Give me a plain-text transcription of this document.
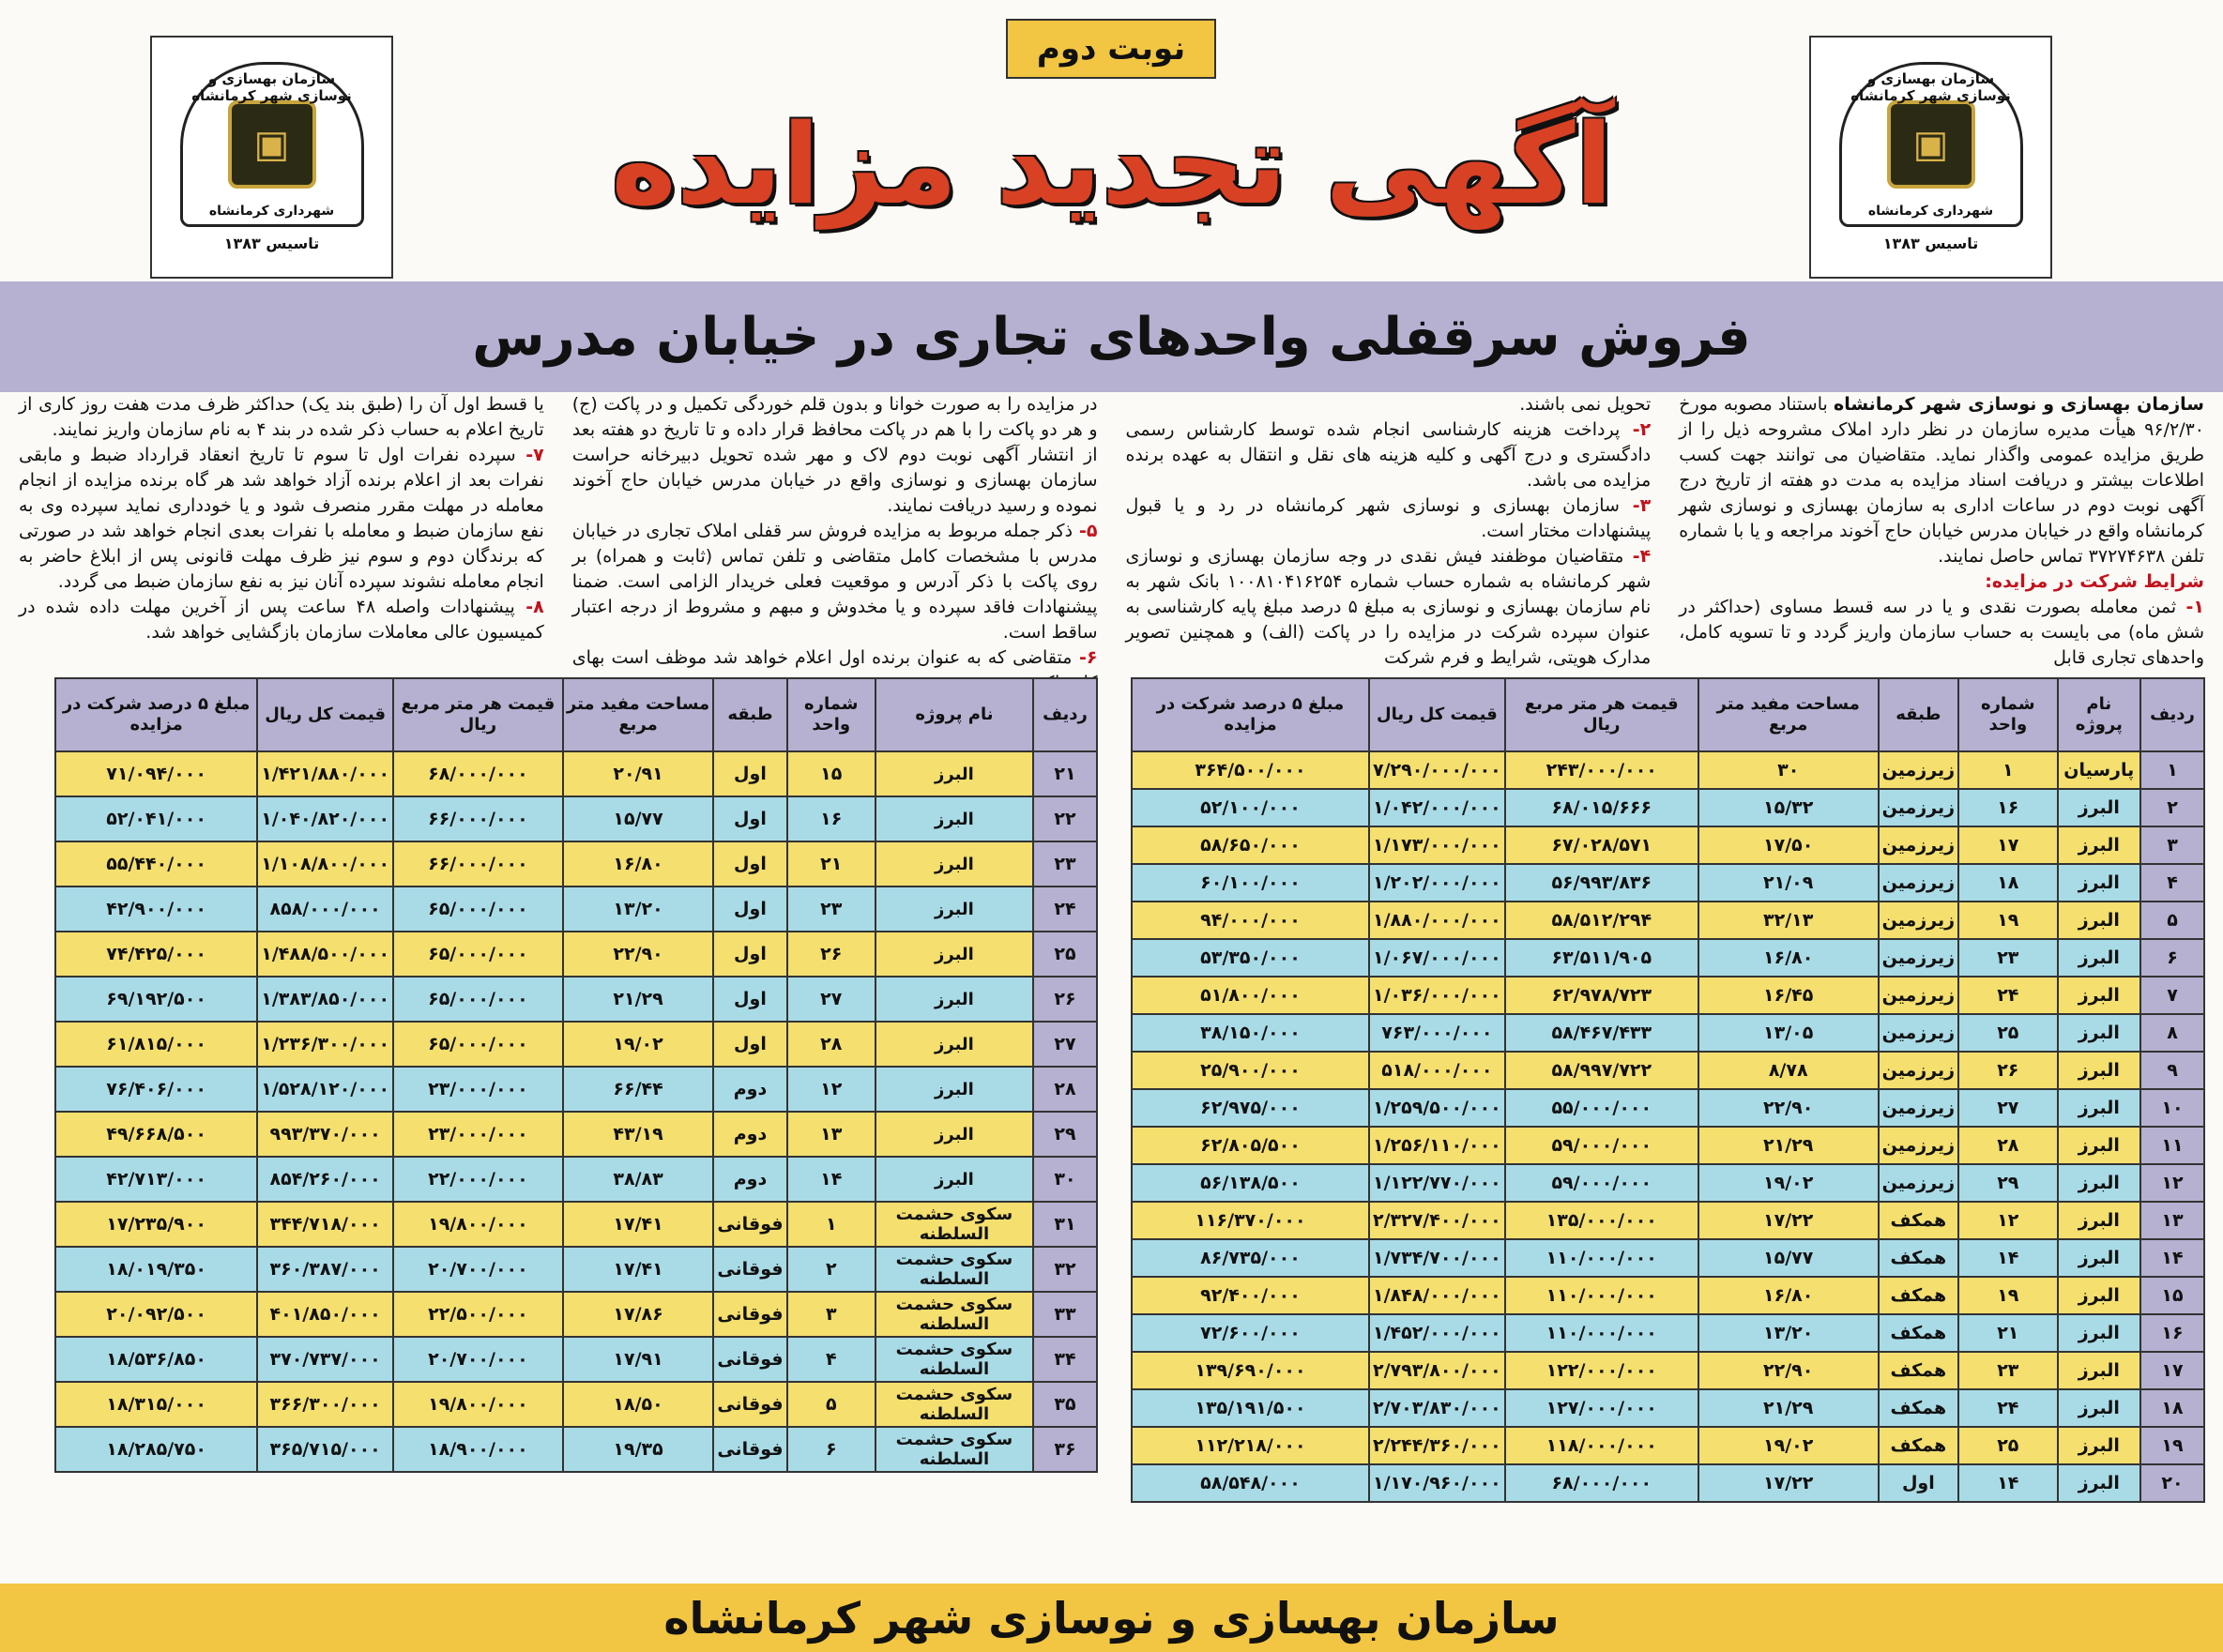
سازمان بهسازی و نوسازی شهر کرمانشاه
▣
شهرداری کرمانشاه
تاسیس ۱۳۸۳
نوبت دوم
آگهی تجدید مزایده
سازمان بهسازی و نوسازی شهر کرمانشاه
▣
شهرداری کرمانشاه
تاسیس ۱۳۸۳
فروش سرقفلی واحدهای تجاری در خیابان مدرس
سازمان بهسازی و نوسازی شهر کرمانشاه باستناد مصوبه مورخ ۹۶/۲/۳۰ هیأت مدیره سازمان در نظر دارد املاک مشروحه ذیل را از طریق مزایده عمومی واگذار نماید. متقاضیان می توانند جهت کسب اطلاعات بیشتر و دریافت اسناد مزایده به مدت دو هفته از تاریخ درج آگهی نوبت دوم در ساعات اداری به سازمان بهسازی و نوسازی شهر کرمانشاه واقع در خیابان مدرس خیابان حاج آخوند مراجعه و یا با شماره تلفن ۳۷۲۷۴۶۳۸ تماس حاصل نمایند.
شرایط شرکت در مزایده:
۱- ثمن معامله بصورت نقدی و یا در سه قسط مساوی (حداکثر در شش ماه) می بایست به حساب سازمان واریز گردد و تا تسویه کامل، واحدهای تجاری قابل
تحویل نمی باشند.
۲- پرداخت هزینه کارشناسی انجام شده توسط کارشناس رسمی دادگستری و درج آگهی و کلیه هزینه های نقل و انتقال به عهده برنده مزایده می باشد.
۳- سازمان بهسازی و نوسازی شهر کرمانشاه در رد و یا قبول پیشنهادات مختار است.
۴- متقاضیان موظفند فیش نقدی در وجه سازمان بهسازی و نوسازی شهر کرمانشاه به شماره حساب شماره ۱۰۰۸۱۰۴۱۶۲۵۴ بانک شهر به نام سازمان بهسازی و نوسازی به مبلغ ۵ درصد مبلغ پایه کارشناسی به عنوان سپرده شرکت در مزایده را در پاکت (الف) و همچنین تصویر مدارک هویتی، شرایط و فرم شرکت
در مزایده را به صورت خوانا و بدون قلم خوردگی تکمیل و در پاکت (ج) و هر دو پاکت را با هم در پاکت محافظ قرار داده و تا تاریخ دو هفته بعد از انتشار آگهی نوبت دوم لاک و مهر شده تحویل دبیرخانه حراست سازمان بهسازی و نوسازی واقع در خیابان مدرس خیابان حاج آخوند نموده و رسید دریافت نمایند.
۵- ذکر جمله مربوط به مزایده فروش سر قفلی املاک تجاری در خیابان مدرس با مشخصات کامل متقاضی و تلفن تماس (ثابت و همراه) بر روی پاکت با ذکر آدرس و موقعیت فعلی خریدار الزامی است. ضمنا پیشنهادات فاقد سپرده و یا مخدوش و مبهم و مشروط از درجه اعتبار ساقط است.
۶- متقاضی که به عنوان برنده اول اعلام خواهد شد موظف است بهای
یا قسط اول آن را (طبق بند یک) حداکثر ظرف مدت هفت روز کاری از تاریخ اعلام به حساب ذکر شده در بند ۴ به نام سازمان واریز نمایند.
۷- سپرده نفرات اول تا سوم تا تاریخ انعقاد قرارداد ضبط و مابقی نفرات بعد از اعلام برنده آزاد خواهد شد هر گاه برنده مزایده از انجام معامله در مهلت مقرر منصرف شود و یا خودداری نماید سپرده وی به نفع سازمان ضبط و معامله با نفرات بعدی انجام خواهد شد در صورتی که برندگان دوم و سوم نیز ظرف مهلت قانونی پس از ابلاغ حاضر به انجام معامله نشوند سپرده آنان نیز به نفع سازمان ضبط می گردد.
۸- پیشنهادات واصله ۴۸ ساعت پس از آخرین مهلت داده شده در کمیسیون عالی معاملات سازمان بازگشایی خواهد شد.
ردیف	نام پروژه	شماره واحد	طبقه	مساحت مفید متر مربع	قیمت هر متر مربع ریال	قیمت کل ریال	مبلغ ۵ درصد شرکت در مزایده
۱	پارسیان	۱	زیرزمین	۳۰	۲۴۳/۰۰۰/۰۰۰	۷/۲۹۰/۰۰۰/۰۰۰	۳۶۴/۵۰۰/۰۰۰
۲	البرز	۱۶	زیرزمین	۱۵/۳۲	۶۸/۰۱۵/۶۶۶	۱/۰۴۲/۰۰۰/۰۰۰	۵۲/۱۰۰/۰۰۰
۳	البرز	۱۷	زیرزمین	۱۷/۵۰	۶۷/۰۲۸/۵۷۱	۱/۱۷۳/۰۰۰/۰۰۰	۵۸/۶۵۰/۰۰۰
۴	البرز	۱۸	زیرزمین	۲۱/۰۹	۵۶/۹۹۳/۸۳۶	۱/۲۰۲/۰۰۰/۰۰۰	۶۰/۱۰۰/۰۰۰
۵	البرز	۱۹	زیرزمین	۳۲/۱۳	۵۸/۵۱۲/۲۹۴	۱/۸۸۰/۰۰۰/۰۰۰	۹۴/۰۰۰/۰۰۰
۶	البرز	۲۳	زیرزمین	۱۶/۸۰	۶۳/۵۱۱/۹۰۵	۱/۰۶۷/۰۰۰/۰۰۰	۵۳/۳۵۰/۰۰۰
۷	البرز	۲۴	زیرزمین	۱۶/۴۵	۶۲/۹۷۸/۷۲۳	۱/۰۳۶/۰۰۰/۰۰۰	۵۱/۸۰۰/۰۰۰
۸	البرز	۲۵	زیرزمین	۱۳/۰۵	۵۸/۴۶۷/۴۳۳	۷۶۳/۰۰۰/۰۰۰	۳۸/۱۵۰/۰۰۰
۹	البرز	۲۶	زیرزمین	۸/۷۸	۵۸/۹۹۷/۷۲۲	۵۱۸/۰۰۰/۰۰۰	۲۵/۹۰۰/۰۰۰
۱۰	البرز	۲۷	زیرزمین	۲۲/۹۰	۵۵/۰۰۰/۰۰۰	۱/۲۵۹/۵۰۰/۰۰۰	۶۲/۹۷۵/۰۰۰
۱۱	البرز	۲۸	زیرزمین	۲۱/۲۹	۵۹/۰۰۰/۰۰۰	۱/۲۵۶/۱۱۰/۰۰۰	۶۲/۸۰۵/۵۰۰
۱۲	البرز	۲۹	زیرزمین	۱۹/۰۲	۵۹/۰۰۰/۰۰۰	۱/۱۲۲/۷۷۰/۰۰۰	۵۶/۱۳۸/۵۰۰
۱۳	البرز	۱۲	همکف	۱۷/۲۲	۱۳۵/۰۰۰/۰۰۰	۲/۳۲۷/۴۰۰/۰۰۰	۱۱۶/۳۷۰/۰۰۰
۱۴	البرز	۱۴	همکف	۱۵/۷۷	۱۱۰/۰۰۰/۰۰۰	۱/۷۳۴/۷۰۰/۰۰۰	۸۶/۷۳۵/۰۰۰
۱۵	البرز	۱۹	همکف	۱۶/۸۰	۱۱۰/۰۰۰/۰۰۰	۱/۸۴۸/۰۰۰/۰۰۰	۹۲/۴۰۰/۰۰۰
۱۶	البرز	۲۱	همکف	۱۳/۲۰	۱۱۰/۰۰۰/۰۰۰	۱/۴۵۲/۰۰۰/۰۰۰	۷۲/۶۰۰/۰۰۰
۱۷	البرز	۲۳	همکف	۲۲/۹۰	۱۲۲/۰۰۰/۰۰۰	۲/۷۹۳/۸۰۰/۰۰۰	۱۳۹/۶۹۰/۰۰۰
۱۸	البرز	۲۴	همکف	۲۱/۲۹	۱۲۷/۰۰۰/۰۰۰	۲/۷۰۳/۸۳۰/۰۰۰	۱۳۵/۱۹۱/۵۰۰
۱۹	البرز	۲۵	همکف	۱۹/۰۲	۱۱۸/۰۰۰/۰۰۰	۲/۲۴۴/۳۶۰/۰۰۰	۱۱۲/۲۱۸/۰۰۰
۲۰	البرز	۱۴	اول	۱۷/۲۲	۶۸/۰۰۰/۰۰۰	۱/۱۷۰/۹۶۰/۰۰۰	۵۸/۵۴۸/۰۰۰
ردیف	نام پروژه	شماره واحد	طبقه	مساحت مفید متر مربع	قیمت هر متر مربع ریال	قیمت کل ریال	مبلغ ۵ درصد شرکت در مزایده
۲۱	البرز	۱۵	اول	۲۰/۹۱	۶۸/۰۰۰/۰۰۰	۱/۴۲۱/۸۸۰/۰۰۰	۷۱/۰۹۴/۰۰۰
۲۲	البرز	۱۶	اول	۱۵/۷۷	۶۶/۰۰۰/۰۰۰	۱/۰۴۰/۸۲۰/۰۰۰	۵۲/۰۴۱/۰۰۰
۲۳	البرز	۲۱	اول	۱۶/۸۰	۶۶/۰۰۰/۰۰۰	۱/۱۰۸/۸۰۰/۰۰۰	۵۵/۴۴۰/۰۰۰
۲۴	البرز	۲۳	اول	۱۳/۲۰	۶۵/۰۰۰/۰۰۰	۸۵۸/۰۰۰/۰۰۰	۴۲/۹۰۰/۰۰۰
۲۵	البرز	۲۶	اول	۲۲/۹۰	۶۵/۰۰۰/۰۰۰	۱/۴۸۸/۵۰۰/۰۰۰	۷۴/۴۲۵/۰۰۰
۲۶	البرز	۲۷	اول	۲۱/۲۹	۶۵/۰۰۰/۰۰۰	۱/۳۸۳/۸۵۰/۰۰۰	۶۹/۱۹۲/۵۰۰
۲۷	البرز	۲۸	اول	۱۹/۰۲	۶۵/۰۰۰/۰۰۰	۱/۲۳۶/۳۰۰/۰۰۰	۶۱/۸۱۵/۰۰۰
۲۸	البرز	۱۲	دوم	۶۶/۴۴	۲۳/۰۰۰/۰۰۰	۱/۵۲۸/۱۲۰/۰۰۰	۷۶/۴۰۶/۰۰۰
۲۹	البرز	۱۳	دوم	۴۳/۱۹	۲۳/۰۰۰/۰۰۰	۹۹۳/۳۷۰/۰۰۰	۴۹/۶۶۸/۵۰۰
۳۰	البرز	۱۴	دوم	۳۸/۸۳	۲۲/۰۰۰/۰۰۰	۸۵۴/۲۶۰/۰۰۰	۴۲/۷۱۳/۰۰۰
۳۱	سکوی حشمت السلطنه	۱	فوقانی	۱۷/۴۱	۱۹/۸۰۰/۰۰۰	۳۴۴/۷۱۸/۰۰۰	۱۷/۲۳۵/۹۰۰
۳۲	سکوی حشمت السلطنه	۲	فوقانی	۱۷/۴۱	۲۰/۷۰۰/۰۰۰	۳۶۰/۳۸۷/۰۰۰	۱۸/۰۱۹/۳۵۰
۳۳	سکوی حشمت السلطنه	۳	فوقانی	۱۷/۸۶	۲۲/۵۰۰/۰۰۰	۴۰۱/۸۵۰/۰۰۰	۲۰/۰۹۲/۵۰۰
۳۴	سکوی حشمت السلطنه	۴	فوقانی	۱۷/۹۱	۲۰/۷۰۰/۰۰۰	۳۷۰/۷۳۷/۰۰۰	۱۸/۵۳۶/۸۵۰
۳۵	سکوی حشمت السلطنه	۵	فوقانی	۱۸/۵۰	۱۹/۸۰۰/۰۰۰	۳۶۶/۳۰۰/۰۰۰	۱۸/۳۱۵/۰۰۰
۳۶	سکوی حشمت السلطنه	۶	فوقانی	۱۹/۳۵	۱۸/۹۰۰/۰۰۰	۳۶۵/۷۱۵/۰۰۰	۱۸/۲۸۵/۷۵۰
سازمان بهسازی و نوسازی شهر کرمانشاه
